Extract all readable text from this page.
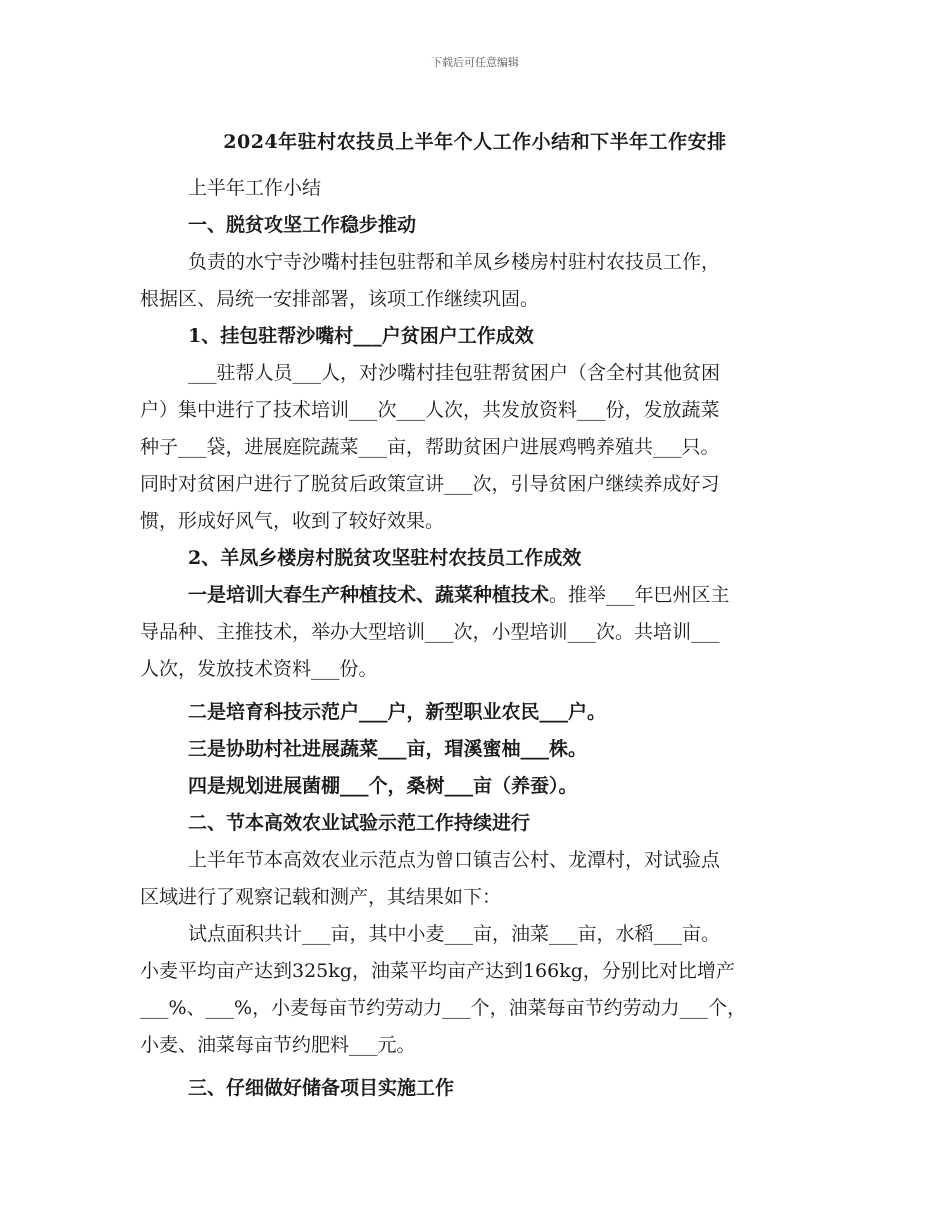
下载后可任意编辑
2024年驻村农技员上半年个人工作小结和下半年工作安排
上半年工作小结
一、脱贫攻坚工作稳步推动
负责的水宁寺沙嘴村挂包驻帮和羊凤乡楼房村驻村农技员工作，
根据区、局统一安排部署，该项工作继续巩固。
1、挂包驻帮沙嘴村___户贫困户工作成效
___驻帮人员___人，对沙嘴村挂包驻帮贫困户（含全村其他贫困
户）集中进行了技术培训___次___人次，共发放资料___份，发放蔬菜
种子___袋，进展庭院蔬菜___亩，帮助贫困户进展鸡鸭养殖共___只。
同时对贫困户进行了脱贫后政策宣讲___次，引导贫困户继续养成好习
惯，形成好风气，收到了较好效果。
2、羊凤乡楼房村脱贫攻坚驻村农技员工作成效
一是培训大春生产种植技术、蔬菜种植技术。推举___年巴州区主
导品种、主推技术，举办大型培训___次，小型培训___次。共培训___
人次，发放技术资料___份。
二是培育科技示范户___户，新型职业农民___户。
三是协助村社进展蔬菜___亩，瑁溪蜜柚___株。
四是规划进展菌棚___个，桑树___亩（养蚕）。
二、节本高效农业试验示范工作持续进行
上半年节本高效农业示范点为曾口镇吉公村、龙潭村，对试验点
区域进行了观察记载和测产，其结果如下：
试点面积共计___亩，其中小麦___亩，油菜___亩，水稻___亩。
小麦平均亩产达到325kg，油菜平均亩产达到166kg，分别比对比增产
___%、___%，小麦每亩节约劳动力___个，油菜每亩节约劳动力___个，
小麦、油菜每亩节约肥料___元。
三、仔细做好储备项目实施工作
